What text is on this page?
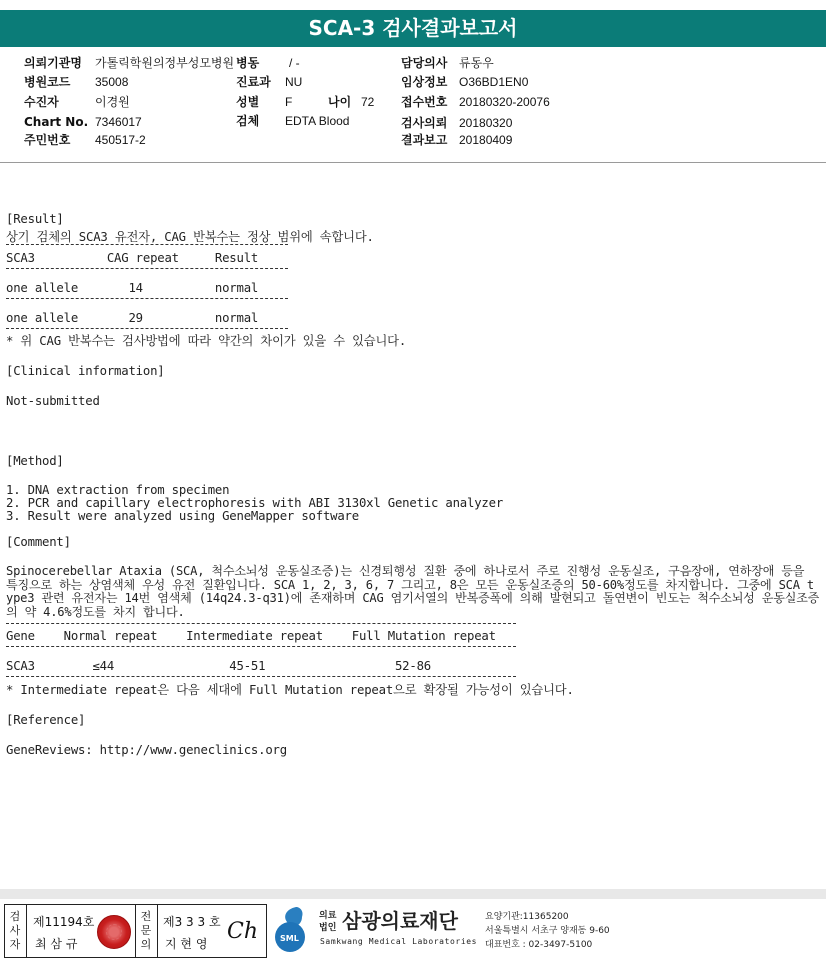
SCA-3 검사결과보고서
의뢰기관명 가톨릭학원의정부성모병원 병동 / -	담당의사 류동우
병원코드 35008	진료과 NU	임상정보 O36BD1EN0
수진자	이경원	성별 F	나이 72 접수번호 20180320-20076
Chart No. 7346017	검체 EDTA Blood	검사의뢰 20180320
주민번호 450517-2	결과보고 20180409
[Result]
상기 검체의 SCA3 유전자, CAG 반복수는 정상 범위에 속합니다.
SCA3          CAG repeat     Result
one allele       14          normal
one allele       29          normal
* 위 CAG 반복수는 검사방법에 따라 약간의 차이가 있을 수 있습니다.
[Clinical information]
Not-submitted
[Method]
1. DNA extraction from specimen
2. PCR and capillary electrophoresis with ABI 3130xl Genetic analyzer
3. Result were analyzed using GeneMapper software
[Comment]
Spinocerebellar Ataxia (SCA, 척수소뇌성 운동실조증)는 신경퇴행성 질환 중에 하나로서 주로 진행성 운동실조, 구음장애, 연하장애 등을 특징으로 하는 상염색체 우성 유전 질환입니다. SCA 1, 2, 3, 6, 7 그리고, 8은 모든 운동실조증의 50-60%정도를 차지합니다. 그중에 SCA type3 관련 유전자는 14번 염색체 (14q24.3-q31)에 존재하며 CAG 염기서열의 반복증폭에 의해 발현되고 돌연변이 빈도는 척수소뇌성 운동실조증의 약 4.6%정도를 차지 합니다.
Gene    Normal repeat    Intermediate repeat    Full Mutation repeat
SCA3        ≤44                45-51                  52-86
* Intermediate repeat은 다음 세대에 Full Mutation repeat으로 확장될 가능성이 있습니다.
[Reference]
GeneReviews: http://www.geneclinics.org
검
사
자
제11194호
최 삼 규
전
문
의
제3 3 3 호
지 현 영 Ch	SML
의료
법인 삼광의료재단
Samkwang Medical Laboratories
요양기관:11365200
서울특별시 서초구 양재동 9-60
대표번호 : 02-3497-5100
